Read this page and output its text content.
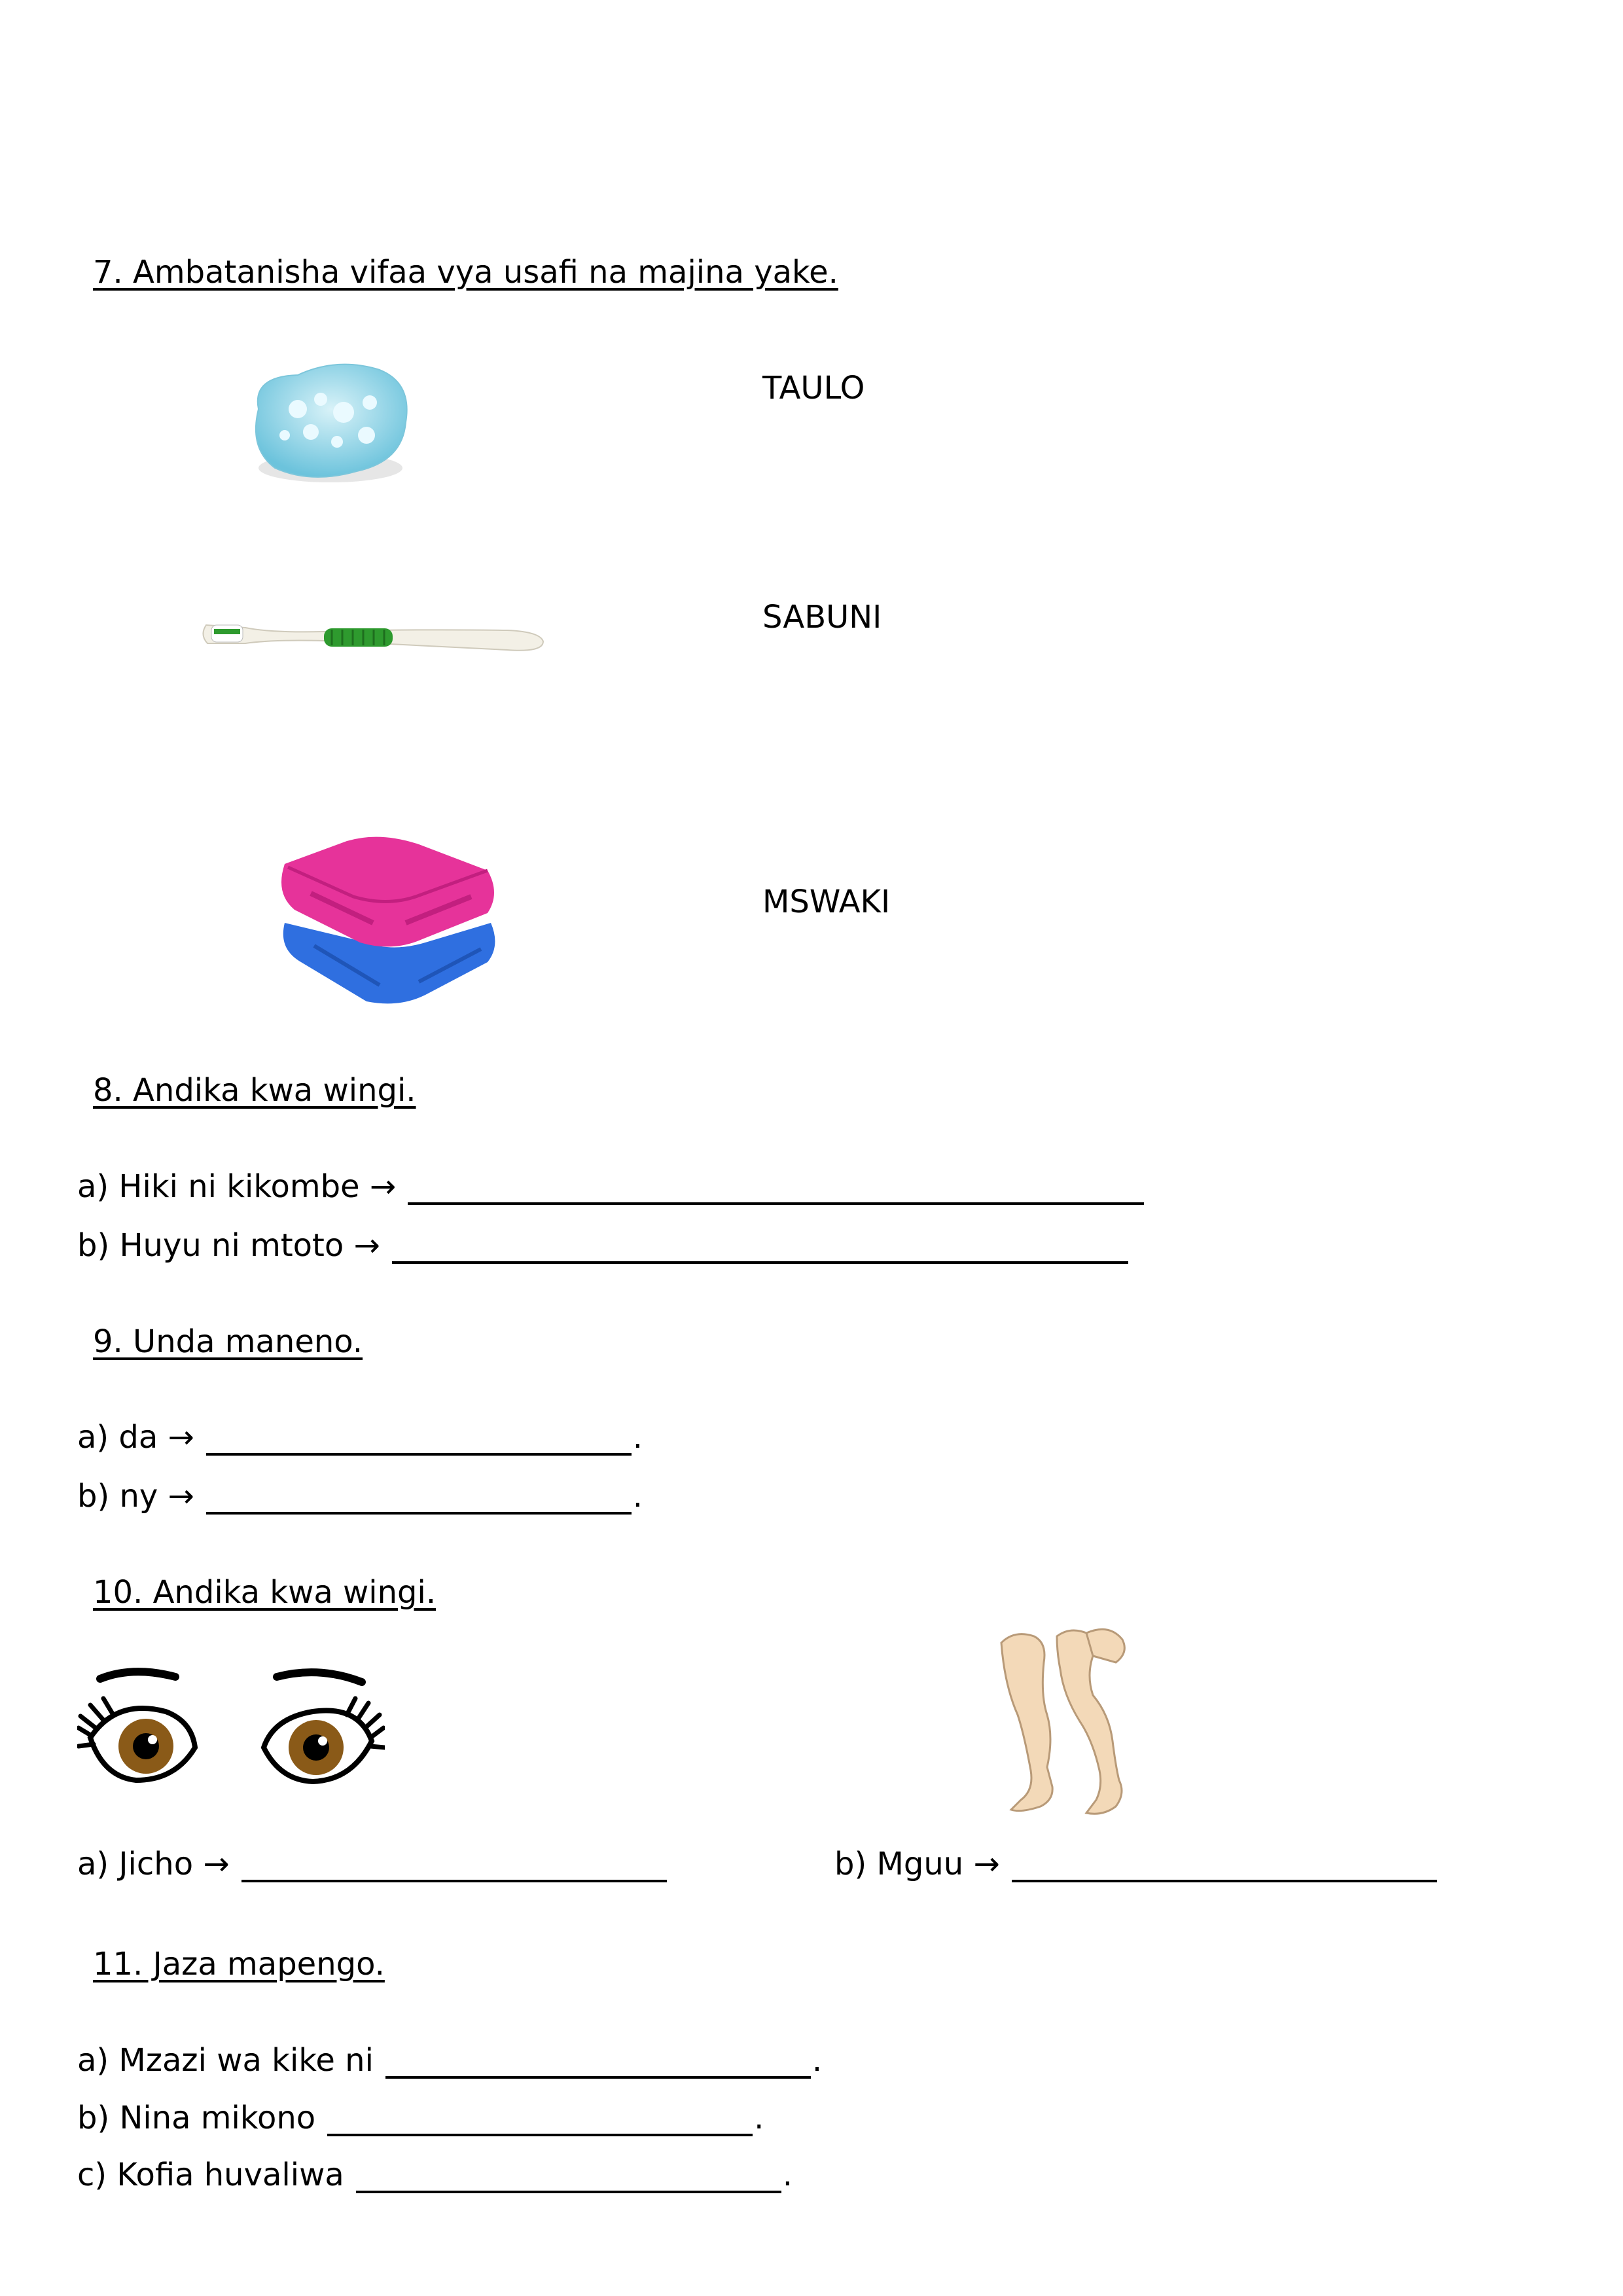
7. Ambatanisha vifaa vya usafi na majina yake.
TAULO
SABUNI
MSWAKI
8. Andika kwa wingi.
a) Hiki ni kikombe →
b) Huyu ni mtoto →
9. Unda maneno.
a) da →	.
b) ny →	.
10. Andika kwa wingi.
a) Jicho →	b) Mguu →
11. Jaza mapengo.
a) Mzazi wa kike ni	.
b) Nina mikono	.
c) Kofia huvaliwa	.
